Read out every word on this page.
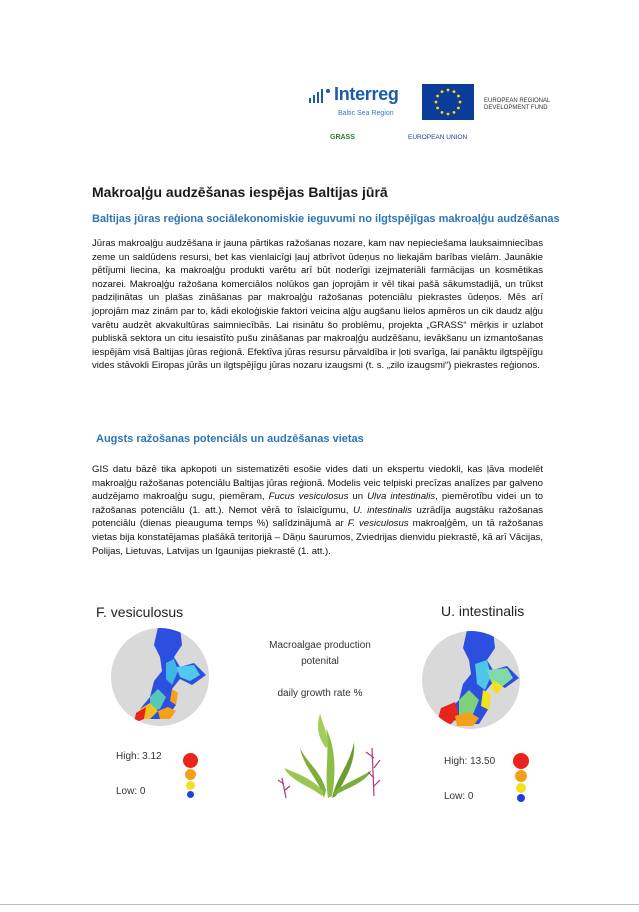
Interreg
Baltic Sea Region
GRASS	EUROPEAN UNION
EUROPEAN REGIONAL DEVELOPMENT FUND
Makroaļģu audzēšanas iespējas Baltijas jūrā
Baltijas jūras reģiona sociālekonomiskie ieguvumi no ilgtspējīgas makroaļģu audzēšanas

Jūras makroaļģu audzēšana ir jauna pārtikas ražošanas nozare, kam nav nepieciešama lauksaimniecības zeme un saldūdens resursi, bet kas vienlaicīgi ļauj atbrīvot ūdeņus no liekajām barības vielām. Jaunākie pētījumi liecina, ka makroaļģu produkti varētu arī būt noderīgi izejmateriāli farmācijas un kosmētikas nozarei. Makroaļģu ražošana komerciālos nolūkos gan joprojām ir vēl tikai pašā sākumstadijā, un trūkst padziļinātas un plašas zināšanas par makroaļģu ražošanas potenciālu piekrastes ūdeņos. Mēs arī joprojām maz zinām par to, kādi ekoloģiskie faktori veicina aļģu augšanu lielos apmēros un cik daudz aļģu varētu audzēt akvakultūras saimniecībās. Lai risinātu šo problēmu, projekta „GRASS“ mērķis ir uzlabot publiskā sektora un citu iesaistīto pušu zināšanas par makroaļģu audzēšanu, ievākšanu un izmantošanas iespējām visā Baltijas jūras reģionā. Efektīva jūras resursu pārvaldība ir ļoti svarīga, lai panāktu ilgtspējīgu vides stāvokli Eiropas jūrās un ilgtspējīgu jūras nozaru izaugsmi (t. s. „zilo izaugsmi“) piekrastes reģionos.

Augsts ražošanas potenciāls un audzēšanas vietas

GIS datu bāzē tika apkopoti un sistematizēti esošie vides dati un ekspertu viedokli, kas ļāva modelēt makroaļģu ražošanas potenciālu Baltijas jūras reģionā. Modelis veic telpiski precīzas analīzes par galveno audzējamo makroaļģu sugu, piemēram, Fucus vesiculosus un Ulva intestinalis, piemērotību videi un to ražošanas potenciālu (1. att.). Nemot vērā to īslaicīgumu, U. intestinalis uzrādīja augstāku ražošanas potenciālu (dienas pieauguma temps %) salīdzinājumā ar F. vesiculosus makroaļģēm, un tā ražošanas vietas bija konstatējamas plašākā teritorijā – Dāņu šaurumos, Zviedrijas dienvidu piekrastē, kā arī Vācijas, Polijas, Lietuvas, Latvijas un Igaunijas piekrastē (1. att.).

F. vesiculosus	U. intestinalis

Macroalgae production

potenital

daily growth rate %

High: 3.12

Low: 0

High: 13.50

Low: 0
